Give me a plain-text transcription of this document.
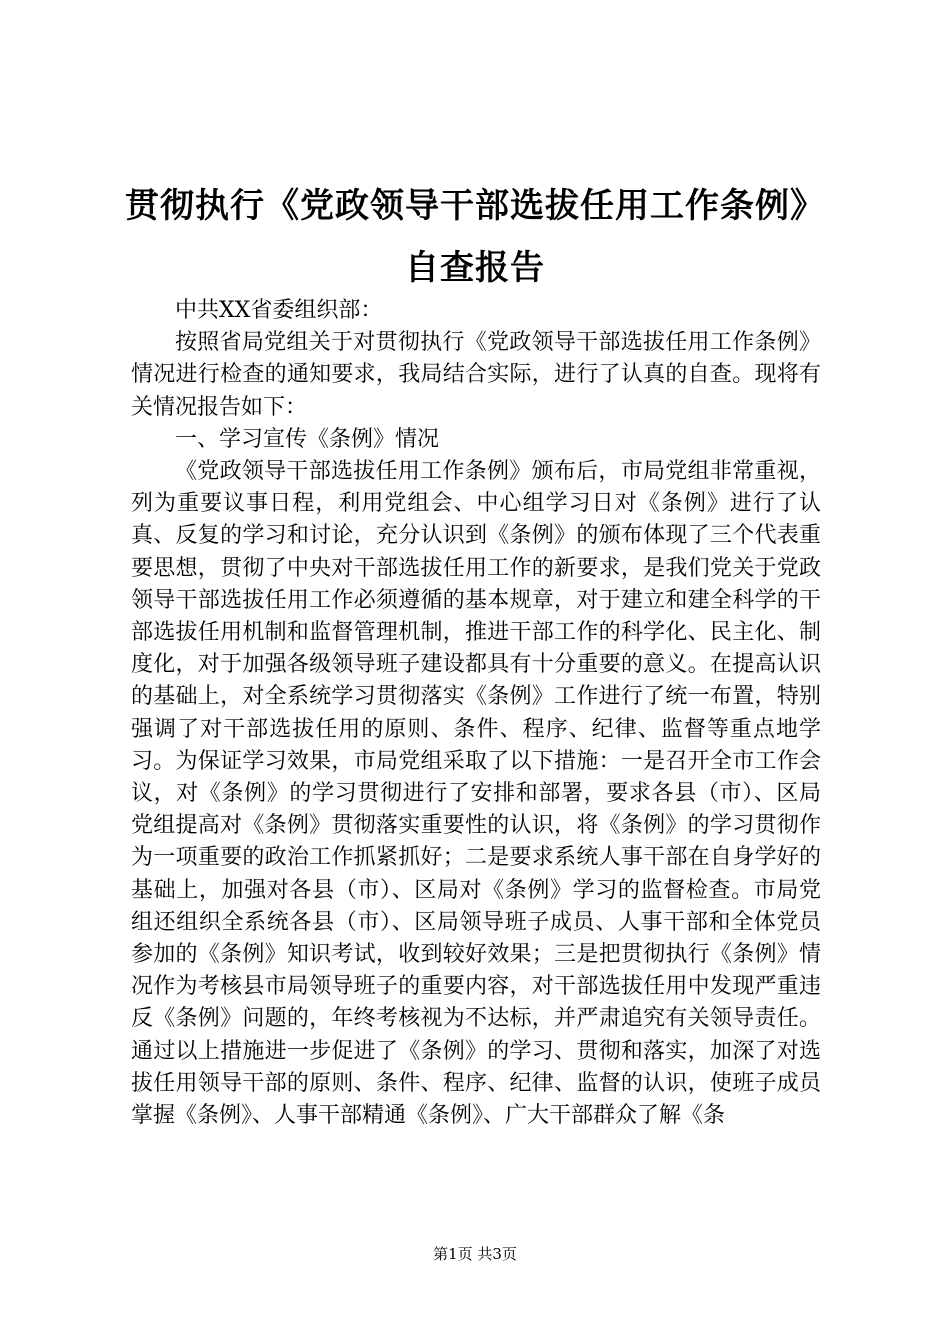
贯彻执行《党政领导干部选拔任用工作条例》
自查报告

中共XX省委组织部：

按照省局党组关于对贯彻执行《党政领导干部选拔任用工作条例》情况进行检查的通知要求，我局结合实际，进行了认真的自查。现将有关情况报告如下：

一、学习宣传《条例》情况

《党政领导干部选拔任用工作条例》颁布后，市局党组非常重视，列为重要议事日程，利用党组会、中心组学习日对《条例》进行了认真、反复的学习和讨论，充分认识到《条例》的颁布体现了三个代表重要思想，贯彻了中央对干部选拔任用工作的新要求，是我们党关于党政领导干部选拔任用工作必须遵循的基本规章，对于建立和建全科学的干部选拔任用机制和监督管理机制，推进干部工作的科学化、民主化、制度化，对于加强各级领导班子建设都具有十分重要的意义。在提高认识的基础上，对全系统学习贯彻落实《条例》工作进行了统一布置，特别强调了对干部选拔任用的原则、条件、程序、纪律、监督等重点地学习。为保证学习效果，市局党组采取了以下措施：一是召开全市工作会议，对《条例》的学习贯彻进行了安排和部署，要求各县（市）、区局党组提高对《条例》贯彻落实重要性的认识，将《条例》的学习贯彻作为一项重要的政治工作抓紧抓好；二是要求系统人事干部在自身学好的基础上，加强对各县（市）、区局对《条例》学习的监督检查。市局党组还组织全系统各县（市）、区局领导班子成员、人事干部和全体党员参加的《条例》知识考试，收到较好效果；三是把贯彻执行《条例》情况作为考核县市局领导班子的重要内容，对干部选拔任用中发现严重违反《条例》问题的，年终考核视为不达标，并严肃追究有关领导责任。通过以上措施进一步促进了《条例》的学习、贯彻和落实，加深了对选拔任用领导干部的原则、条件、程序、纪律、监督的认识，使班子成员掌握《条例》、人事干部精通《条例》、广大干部群众了解《条

第1页 共3页
